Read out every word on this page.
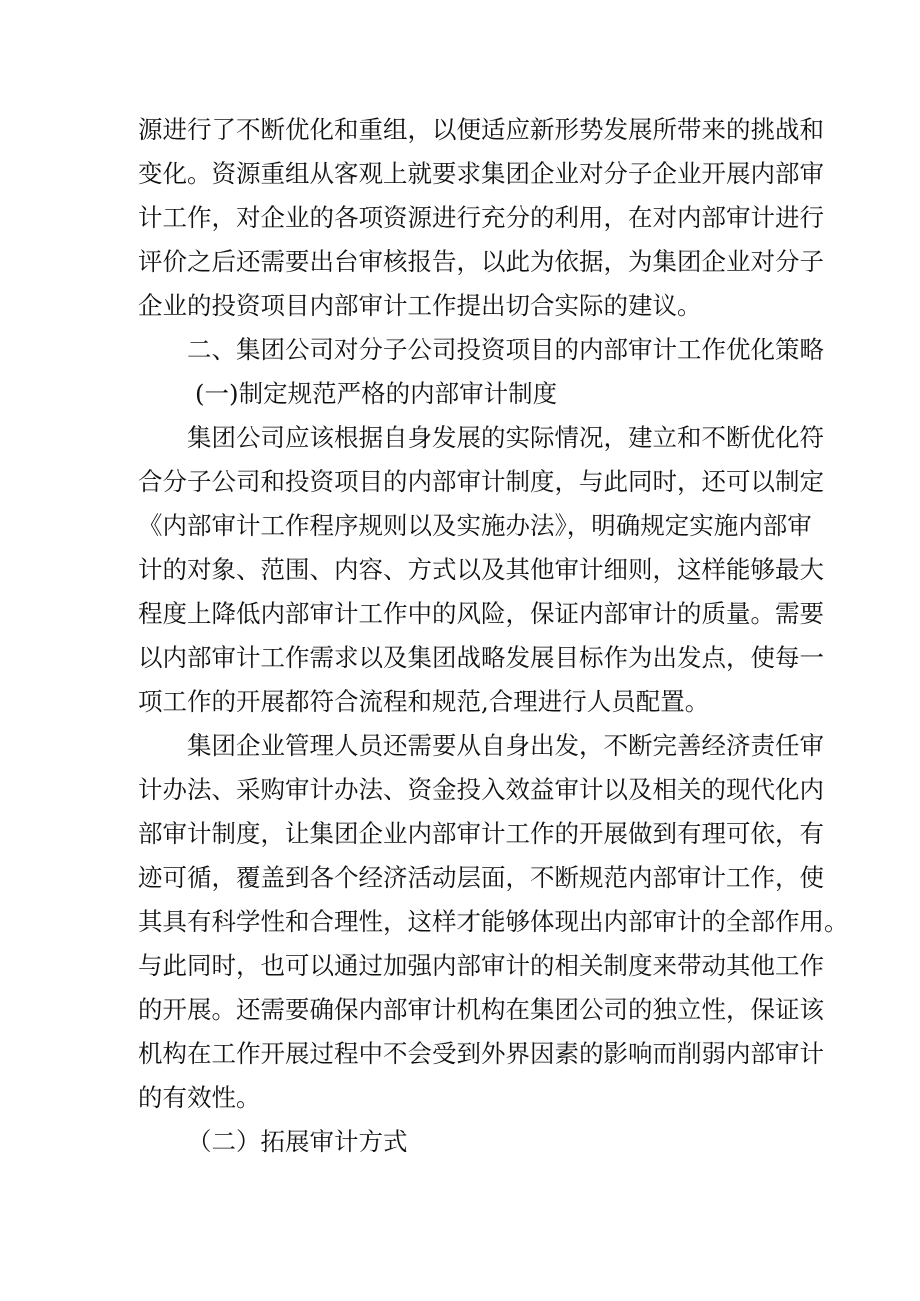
源进行了不断优化和重组，以便适应新形势发展所带来的挑战和
变化。资源重组从客观上就要求集团企业对分子企业开展内部审
计工作，对企业的各项资源进行充分的利用，在对内部审计进行
评价之后还需要出台审核报告，以此为依据，为集团企业对分子
企业的投资项目内部审计工作提出切合实际的建议。
二、集团公司对分子公司投资项目的内部审计工作优化策略
(一)制定规范严格的内部审计制度
集团公司应该根据自身发展的实际情况，建立和不断优化符
合分子公司和投资项目的内部审计制度，与此同时，还可以制定
《内部审计工作程序规则以及实施办法》，明确规定实施内部审
计的对象、范围、内容、方式以及其他审计细则，这样能够最大
程度上降低内部审计工作中的风险，保证内部审计的质量。需要
以内部审计工作需求以及集团战略发展目标作为出发点，使每一
项工作的开展都符合流程和规范,合理进行人员配置。
集团企业管理人员还需要从自身出发，不断完善经济责任审
计办法、采购审计办法、资金投入效益审计以及相关的现代化内
部审计制度，让集团企业内部审计工作的开展做到有理可依，有
迹可循，覆盖到各个经济活动层面，不断规范内部审计工作，使
其具有科学性和合理性，这样才能够体现出内部审计的全部作用。
与此同时，也可以通过加强内部审计的相关制度来带动其他工作
的开展。还需要确保内部审计机构在集团公司的独立性，保证该
机构在工作开展过程中不会受到外界因素的影响而削弱内部审计
的有效性。
（二）拓展审计方式
